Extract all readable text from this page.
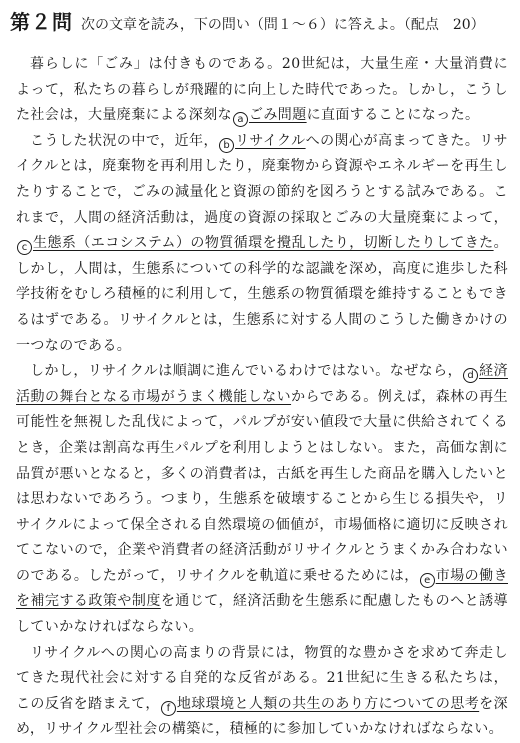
第２問 次の文章を読み，下の問い（問１～６）に答えよ。（配点　20）

暮らしに「ごみ」は付きものである。20世紀は，大量生産・大量消費によって，私たちの暮らしが飛躍的に向上した時代であった。しかし，こうした社会は，大量廃棄による深刻な a ごみ問題に直面することになった。

こうした状況の中で，近年， b リサイクルへの関心が高まってきた。リサイクルとは，廃棄物を再利用したり，廃棄物から資源やエネルギーを再生したりすることで，ごみの減量化と資源の節約を図ろうとする試みである。これまで，人間の経済活動は，過度の資源の採取とごみの大量廃棄によって，c 生態系（エコシステム）の物質循環を攪乱したり，切断したりしてきた。しかし，人間は，生態系についての科学的な認識を深め，高度に進歩した科学技術をむしろ積極的に利用して，生態系の物質循環を維持することもできるはずである。リサイクルとは，生態系に対する人間のこうした働きかけの一つなのである。

しかし，リサイクルは順調に進んでいるわけではない。なぜなら， d 経済活動の舞台となる市場がうまく機能しないからである。例えば，森林の再生可能性を無視した乱伐によって，パルプが安い値段で大量に供給されてくるとき，企業は割高な再生パルプを利用しようとはしない。また，高価な割に品質が悪いとなると，多くの消費者は，古紙を再生した商品を購入したいとは思わないであろう。つまり，生態系を破壊することから生じる損失や，リサイクルによって保全される自然環境の価値が，市場価格に適切に反映されてこないので，企業や消費者の経済活動がリサイクルとうまくかみ合わないのである。したがって，リサイクルを軌道に乗せるためには， e 市場の働きを補完する政策や制度を通じて，経済活動を生態系に配慮したものへと誘導していかなければならない。

リサイクルへの関心の高まりの背景には，物質的な豊かさを求めて奔走してきた現代社会に対する自発的な反省がある。21世紀に生きる私たちは，この反省を踏まえて， f 地球環境と人類の共生のあり方についての思考を深め，リサイクル型社会の構築に，積極的に参加していかなければならない。
